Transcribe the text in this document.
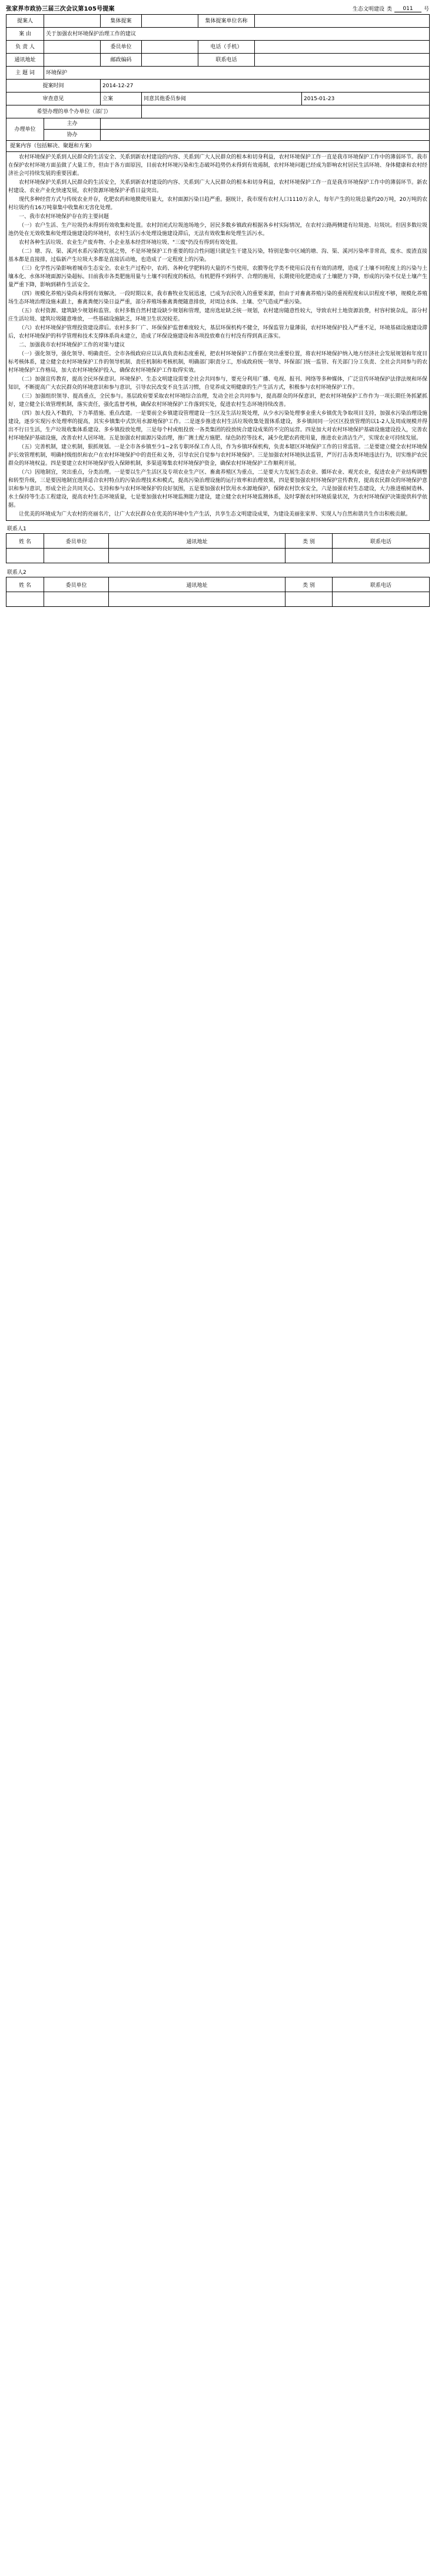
张家界市政协三届三次会议第105号提案	生态文明建设 类	011	号
提案人		集体提案		集体提案单位名称		
案 由	关于加强农村环境保护治理工作的建议					
负 责 人		委员单位		电话（手机）		
通讯地址		邮政编码		联系电话		
主 题 词	环境保护					
提案时间		2014-12-27				
审查意见		立案	同意其他委员参阅			2015-01-23
希望办理的单个办单位（部门）						
办理单位	主办					
	协办					
提案内容（包括解决、聚题和方案）						

农村环境保护关系到人民群众的生活安全、关系到新农村建设的内容、关系到广大人民群众的根本和切身利益，农村环境保护工作一直是我市环境保护工作中的薄弱环节。我市在保护农村环境方面虽做了大量工作，但由于各方面原因，目前农村环境污染和生态破坏趋势仍未得到有效遏制，农村环境问题已经成为影响农村居民生活环境、身体健康和农村经济社会可持续发展的重要因素。

农村环境保护关系到人民群众的生活安全，关系到新农村建设的内容、关系到广大人民群众的根本和切身利益，农村环境保护工作一直是我市环境保护工作中的薄弱环节。新农村建设、农业产业化快速发展，农村资源环境保护矛盾日益突出。

现代多种经营方式与传统农业并存，化肥农药和地膜使用量大，农村面源污染日趋严重。据统计，我市现有农村人口1110万余人，每年产生的垃圾总量约20万吨，20万吨的农村垃圾约有16万吨靠集中收集和无害化处理。

一、我市农村环境保护存在的主要问题

（一）农户生活、生产垃圾仍未得到有效收集和处置。农村封闭式垃圾池场地少，居民多数乡镇政府根据各乡村实际情况，在农村公路两侧建有垃圾池、垃圾坑。但因多数垃圾池仍处在无效收集和处理设施建设的环境村，农村生活污水处理设施建设滞后，无法有效收集和处理生活污水。

农村各种生活垃圾、农业生产废弃物、小企业基本经营环境垃圾、"三废"仍没有得到有效处置。

（二）塘、沟、渠、溪河水系污染的发展之势，不是环境保护工作重要的综合性问题只就是生干建及污染，特别是集中区域的塘、沟、渠、溪河污染率非常高，废水、废渣直接基本都是直接排，过临新产生垃圾大多都是直接活动地，也造成了一定程度上的污染。

（三）化学性污染影响着城市生态安全。农业生产过程中，农药、各种化学肥料的大量的不当使用，农膜等化学类不使用后没有有效的清理，造成了土壤不同程度上的污染与土壤本化、水体环境面源污染超标。目前我市各类肥施用量与土壤不同程度的板结，有机肥得不到科学、合理的施用，长期使用化肥造成了土壤肥力下降，形成的污染不仅是土壤产生量严重下降，影响到耕作生活安全。

（四）规模化养殖污染尚未得到有效解决。一段时期以来，我市畜牧业发展迅速，已成为农民收入的重要来源，但由于对畜禽养殖污染的重视程度和认识程度不够，规模化养殖场生态环境治理设施未跟上，畜禽粪便污染日益严重，部分养殖场畜禽粪便随意排放，对周边水体、土壤、空气造成严重污染。

（五）农村资源、建筑缺少规划和监管。农村多数自然村建设缺少规划和管理，建房选址缺乏统一规划，农村建房随意性较大，导致农村土地资源浪费，村容村貌杂乱，部分村庄生活垃圾、建筑垃圾随意堆放，一些基础设施缺乏，环境卫生状况较差。

（六）农村环境保护管理投资建设滞后。农村多多厂广、环保保护监督难度较大，基层环保机构不健全，环保监管力量薄弱，农村环境保护投入严重不足，环境基础设施建设滞后，农村环境保护的科学管理和技术支撑体系尚未建立，造成了环保设施建设和各项投放难在行村没有得到真正落实。

二、加强我市农村环境保护工作的对策与建议

（一）强化领导，强化领导、明确责任。全市各级政府应以认真负责和态度重视，把农村环境保护工作摆在突出重要位置，将农村环境保护纳入地方经济社会发展规划和年度目标考核体系，建立健全农村环境保护工作的领导机制、责任机制和考核机制，明确部门职责分工，形成政府统一领导、环保部门统一监管、有关部门分工负责、全社会共同参与的农村环境保护工作格局，加大农村环境保护投入，确保农村环境保护工作取得实效。

（二）加强宣传教育，提高全民环保意识。环境保护、生态文明建设需要全社会共同参与，要充分利用广播、电视、报刊、网络等多种媒体，广泛宣传环境保护法律法规和环保知识，不断提高广大农民群众的环境意识和参与意识，引导农民改变不良生活习惯，自觉养成文明健康的生产生活方式，积极参与农村环境保护工作。

（三）加强组织领导、提高重点，全民参与。基层政府要采取农村环境综合治理，发动全社会共同参与，提高群众的环保意识，把农村环境保护工作作为一项长期任务抓紧抓好，建立健全长效管理机制，落实责任，强化监督考核，确保农村环境保护工作落到实处，促进农村生态环境持续改善。

（四）加大投入不数的，下力革措施、重点改建。一是要前全乡镇建设管理建设一生区及生活垃圾处理，从少水污染处理事业重大乡镇优先争取项目支持，加强水污染治理设施建设，逐步实现污水处理率的提高，其实乡镇集中式饮用水源地保护工作。二是逐步推进农村生活垃圾收集处置体系建设，多乡镇间同一分区区投放管理的以1-2人及周成规模并得出不行日生活，生产垃圾收集体系建设、多乡镇投放处理，三是每个村或组投放一各类集团的投放统合建设成果的不完的运营。四是加大对农村环境保护基础设施建设投入，完善农村环境保护基础设施，改善农村人居环境。五是加强农村面源污染治理，推广测土配方施肥、绿色防控等技术，减少化肥农药使用量，推进农业清洁生产，实现农业可持续发展。

（五）完善机制，建立机制，狠抓规划。一是全市各乡镇至少1~2名专职环保工作人员，作为乡镇环保机构，负责本辖区环境保护工作的日常监管。二是要建立健全农村环境保护长效管理机制，明确村级组织和农户在农村环境保护中的责任和义务，引导农民自觉参与农村环境保护。三是加强农村环境执法监管，严厉打击各类环境违法行为，切实维护农民群众的环境权益。四是要建立农村环境保护投入保障机制，多渠道筹集农村环境保护资金，确保农村环境保护工作顺利开展。

（六）因地制宜，突出重点，分类治理。一是要以生产生活区及专项农业生产区、畜禽养殖区为重点，二是要大力发展生态农业、循环农业、观光农业，促进农业产业结构调整和转型升级，三是要因地制宜选择适合农村特点的污染治理技术和模式，提高污染治理设施的运行效率和治理效果，四是要加强农村环境保护宣传教育，提高农民群众的环境保护意识和参与意识，形成全社会共同关心、支持和参与农村环境保护的良好氛围，五是要加强农村饮用水水源地保护，保障农村饮水安全，六是加强农村生态建设，大力推进植树造林、水土保持等生态工程建设，提高农村生态环境质量，七是要加强农村环境监测能力建设，建立健全农村环境监测体系，及时掌握农村环境质量状况，为农村环境保护决策提供科学依据。

让优美的环境成为广大农村的亮丽名片，让广大农民群众在优美的环境中生产生活，共享生态文明建设成果，为建设美丽张家界、实现人与自然和谐共生作出积极贡献。

联系人1
姓 名	委员单位	通讯地址	类 别	联系电话

联系人2
姓 名	委员单位	通讯地址	类 别	联系电话
